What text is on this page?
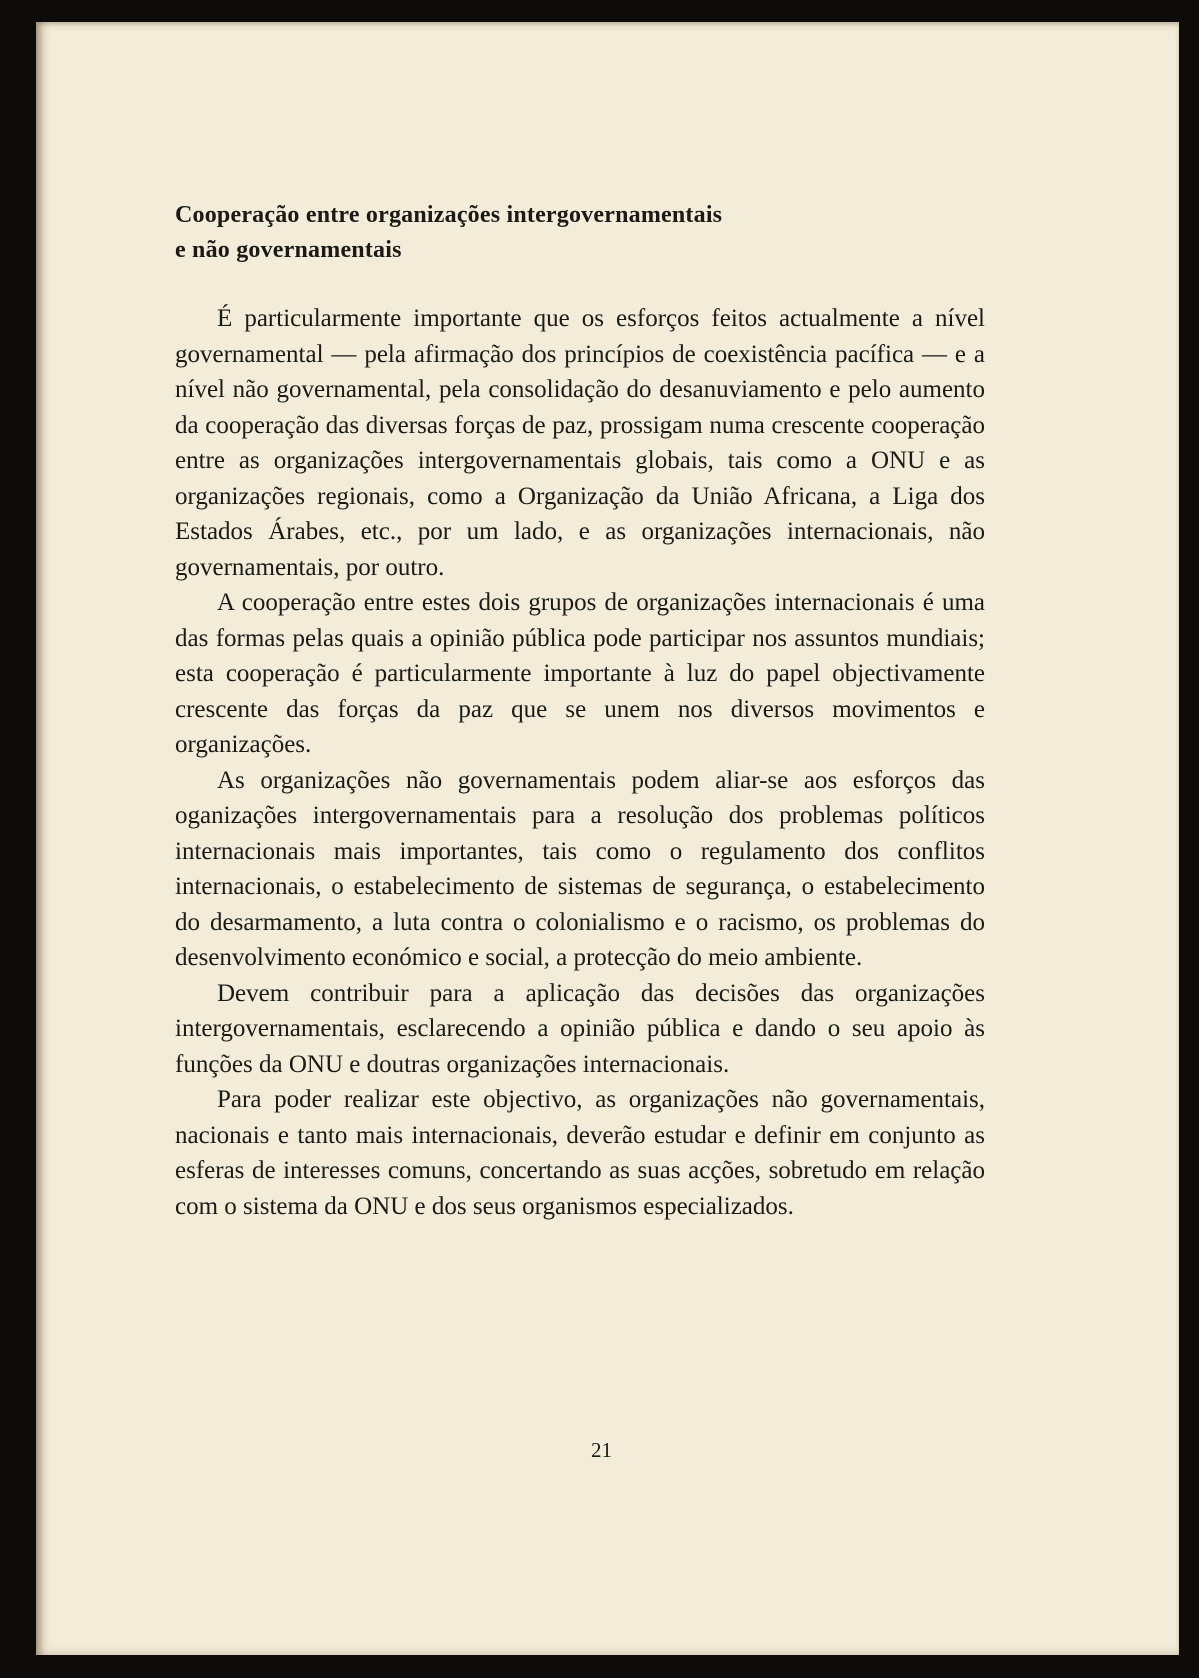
Cooperação entre organizações intergovernamentais
e não governamentais

É particularmente importante que os esforços feitos actualmente a nível governamental — pela afirmação dos princípios de coexistência pacífica — e a nível não governamental, pela consolidação do desanuviamento e pelo aumento da cooperação das diversas forças de paz, prossigam numa crescente cooperação entre as organizações intergovernamentais globais, tais como a ONU e as organizações regionais, como a Organização da União Africana, a Liga dos Estados Árabes, etc., por um lado, e as organizações internacionais, não governamentais, por outro.

A cooperação entre estes dois grupos de organizações internacionais é uma das formas pelas quais a opinião pública pode participar nos assuntos mundiais; esta cooperação é particularmente importante à luz do papel objectivamente crescente das forças da paz que se unem nos diversos movimentos e organizações.

As organizações não governamentais podem aliar-se aos esforços das oganizações intergovernamentais para a resolução dos problemas políticos internacionais mais importantes, tais como o regulamento dos conflitos internacionais, o estabelecimento de sistemas de segurança, o estabelecimento do desarmamento, a luta contra o colonialismo e o racismo, os problemas do desenvolvimento económico e social, a protecção do meio ambiente.

Devem contribuir para a aplicação das decisões das organizações intergovernamentais, esclarecendo a opinião pública e dando o seu apoio às funções da ONU e doutras organizações internacionais.

Para poder realizar este objectivo, as organizações não governamentais, nacionais e tanto mais internacionais, deverão estudar e definir em conjunto as esferas de interesses comuns, concertando as suas acções, sobretudo em relação com o sistema da ONU e dos seus organismos especializados.

21
